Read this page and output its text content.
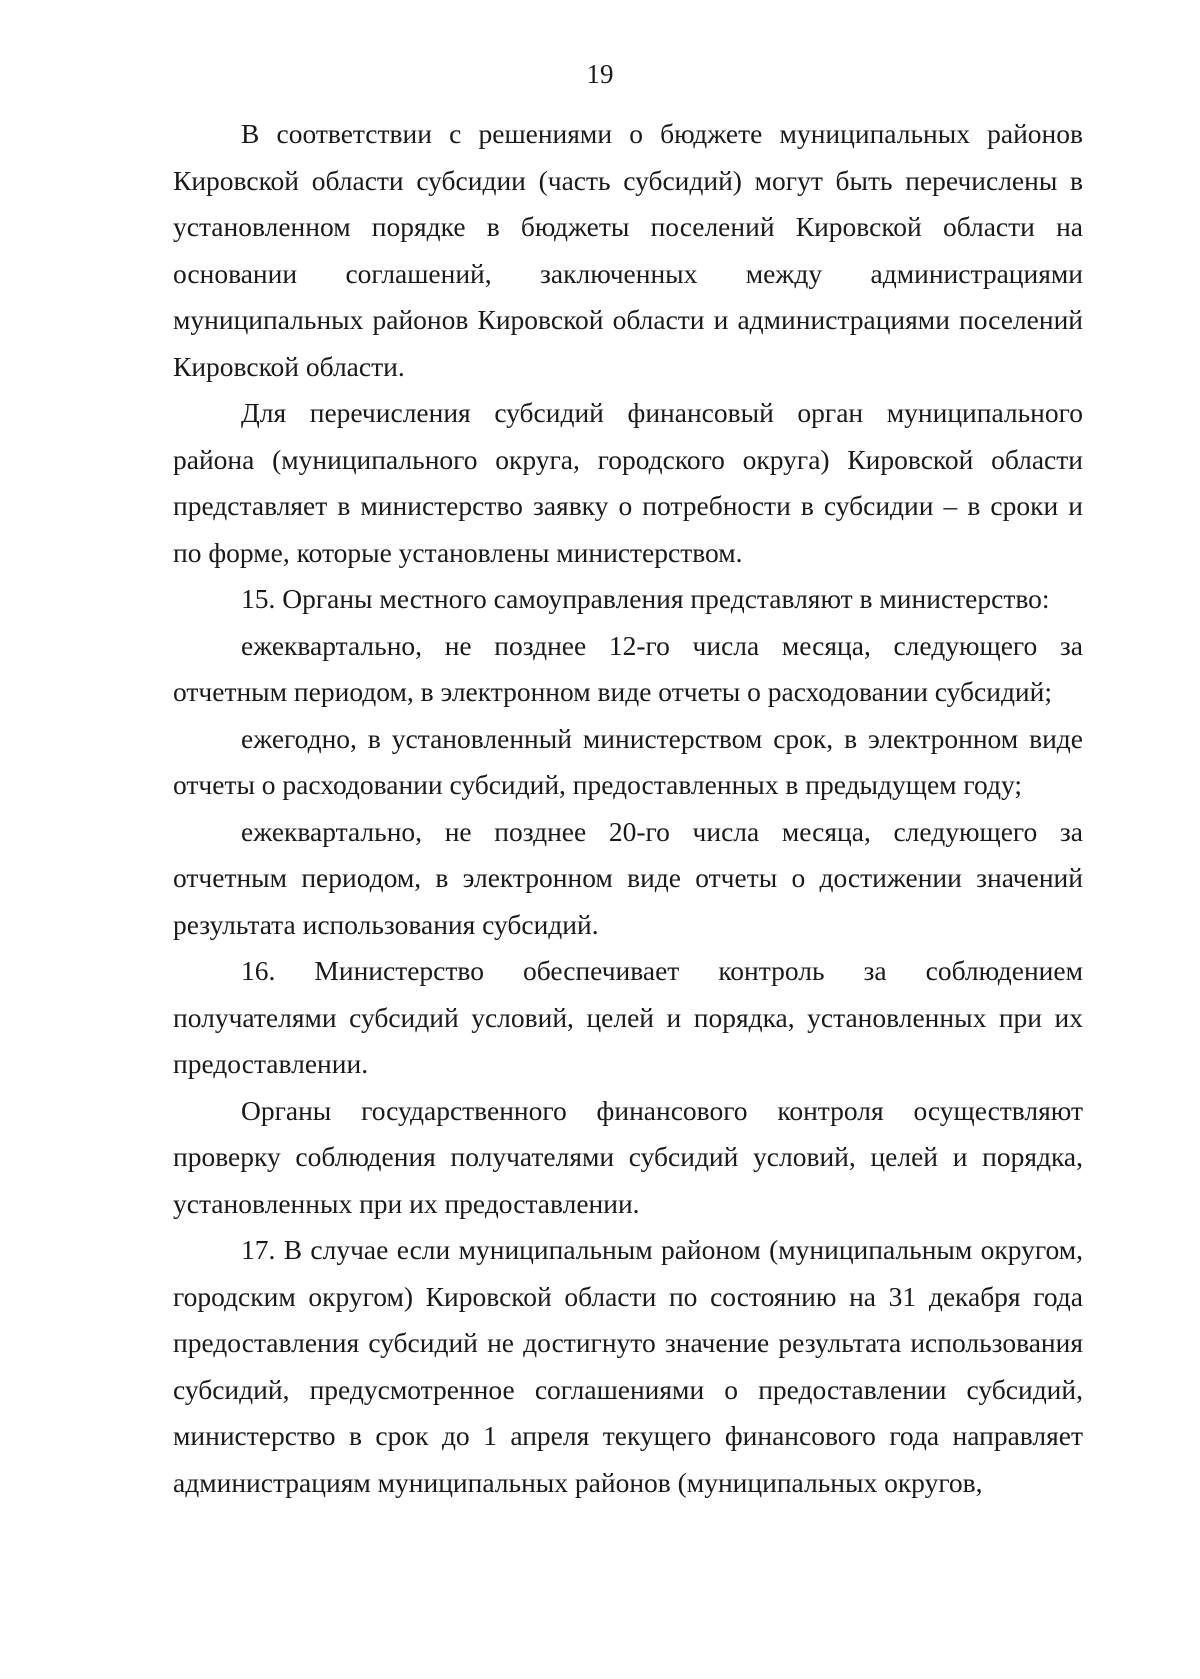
19

В соответствии с решениями о бюджете муниципальных районов Кировской области субсидии (часть субсидий) могут быть перечислены в установленном порядке в бюджеты поселений Кировской области на основании соглашений, заключенных между администрациями муниципальных районов Кировской области и администрациями поселений Кировской области.

Для перечисления субсидий финансовый орган муниципального района (муниципального округа, городского округа) Кировской области представляет в министерство заявку о потребности в субсидии – в сроки и по форме, которые установлены министерством.

15. Органы местного самоуправления представляют в министерство:

ежеквартально, не позднее 12-го числа месяца, следующего за отчетным периодом, в электронном виде отчеты о расходовании субсидий;

ежегодно, в установленный министерством срок, в электронном виде отчеты о расходовании субсидий, предоставленных в предыдущем году;

ежеквартально, не позднее 20-го числа месяца, следующего за отчетным периодом, в электронном виде отчеты о достижении значений результата использования субсидий.

16. Министерство обеспечивает контроль за соблюдением получателями субсидий условий, целей и порядка, установленных при их предоставлении.

Органы государственного финансового контроля осуществляют проверку соблюдения получателями субсидий условий, целей и порядка, установленных при их предоставлении.

17. В случае если муниципальным районом (муниципальным округом, городским округом) Кировской области по состоянию на 31 декабря года предоставления субсидий не достигнуто значение результата использования субсидий, предусмотренное соглашениями о предоставлении субсидий, министерство в срок до 1 апреля текущего финансового года направляет администрациям муниципальных районов (муниципальных округов,
